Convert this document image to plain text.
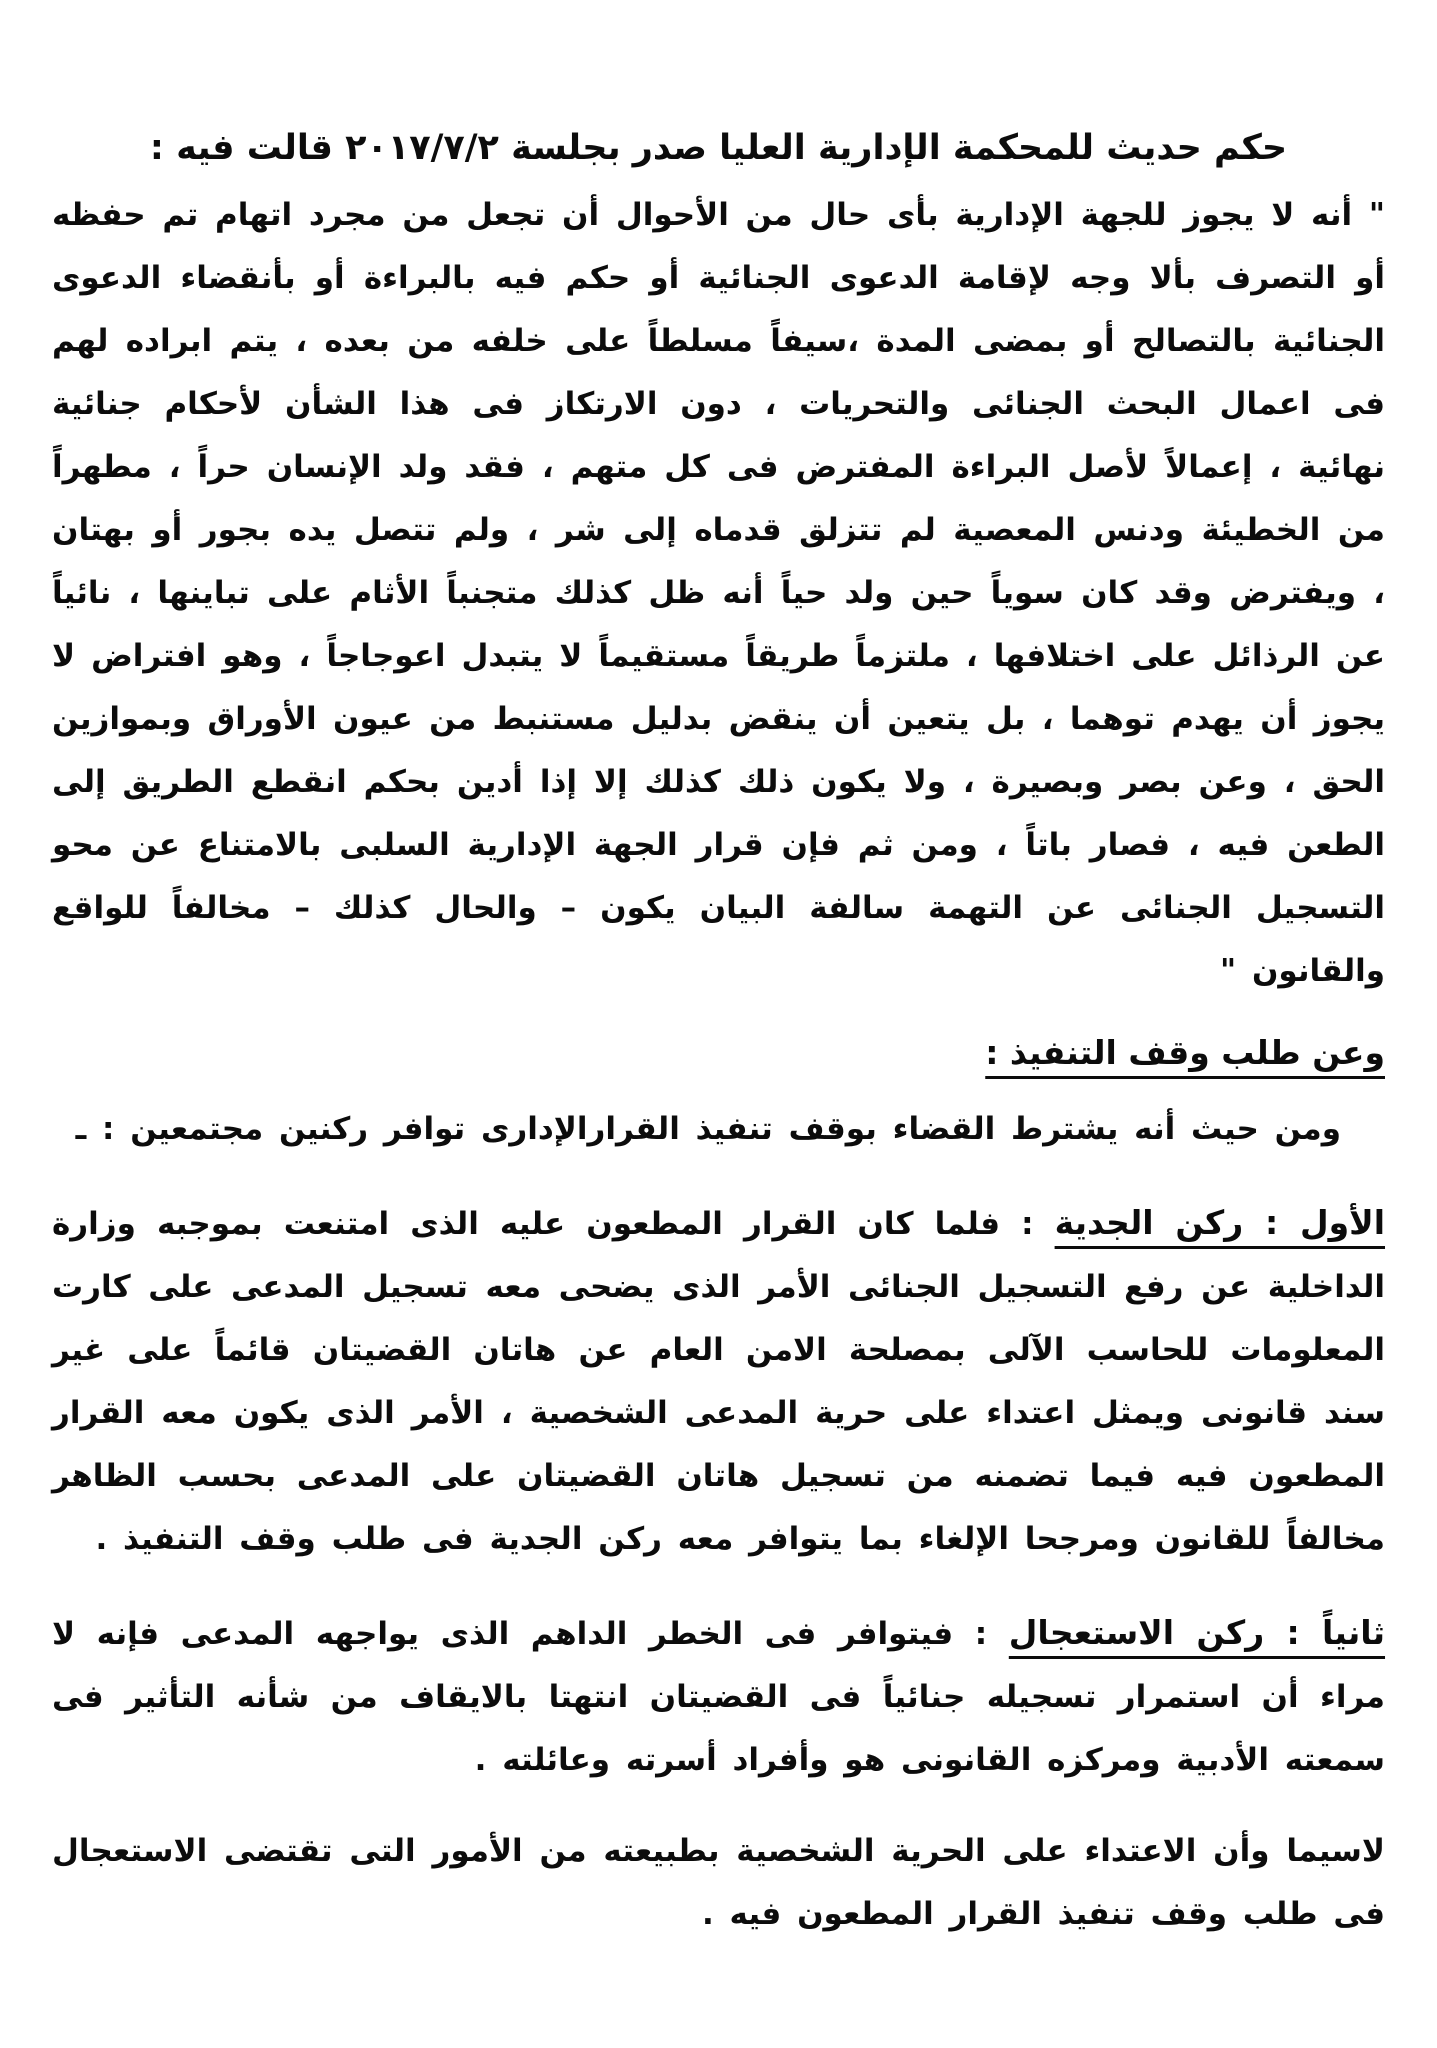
حكم حديث للمحكمة الإدارية العليا صدر بجلسة ٢٠١٧/٧/٢ قالت فيه :

" أنه لا يجوز للجهة الإدارية بأى حال من الأحوال أن تجعل من مجرد اتهام تم حفظه أو التصرف بألا وجه لإقامة الدعوى الجنائية أو حكم فيه بالبراءة أو بأنقضاء الدعوى الجنائية بالتصالح أو بمضى المدة ،سيفاً مسلطاً على خلفه من بعده ، يتم ابراده لهم فى اعمال البحث الجنائى والتحريات ، دون الارتكاز فى هذا الشأن لأحكام جنائية نهائية ، إعمالاً لأصل البراءة المفترض فى كل متهم ، فقد ولد الإنسان حراً ، مطهراً من الخطيئة ودنس المعصية لم تتزلق قدماه إلى شر ، ولم تتصل يده بجور أو بهتان ، ويفترض وقد كان سوياً حين ولد حياً أنه ظل كذلك متجنباً الأثام على تباينها ، نائياً عن الرذائل على اختلافها ، ملتزماً طريقاً مستقيماً لا يتبدل اعوجاجاً ، وهو افتراض لا يجوز أن يهدم توهما ، بل يتعين أن ينقض بدليل مستنبط من عيون الأوراق وبموازين الحق ، وعن بصر وبصيرة ، ولا يكون ذلك كذلك إلا إذا أدين بحكم انقطع الطريق إلى الطعن فيه ، فصار باتاً ، ومن ثم فإن قرار الجهة الإدارية السلبى بالامتناع عن محو التسجيل الجنائى عن التهمة سالفة البيان يكون – والحال كذلك – مخالفاً للواقع والقانون "

وعن طلب وقف التنفيذ :

ومن حيث أنه يشترط القضاء بوقف تنفيذ القرارالإدارى توافر ركنين مجتمعين : ـ

الأول : ركن الجدية : فلما كان القرار المطعون عليه الذى امتنعت بموجبه وزارة الداخلية عن رفع التسجيل الجنائى الأمر الذى يضحى معه تسجيل المدعى على كارت المعلومات للحاسب الآلى بمصلحة الامن العام عن هاتان القضيتان قائماً على غير سند قانونى ويمثل اعتداء على حرية المدعى الشخصية ، الأمر الذى يكون معه القرار المطعون فيه فيما تضمنه من تسجيل هاتان القضيتان على المدعى بحسب الظاهر مخالفاً للقانون ومرجحا الإلغاء بما يتوافر معه ركن الجدية فى طلب وقف التنفيذ .

ثانياً : ركن الاستعجال : فيتوافر فى الخطر الداهم الذى يواجهه المدعى فإنه لا مراء أن استمرار تسجيله جنائياً فى القضيتان انتهتا بالايقاف من شأنه التأثير فى سمعته الأدبية ومركزه القانونى هو وأفراد أسرته وعائلته .

لاسيما وأن الاعتداء على الحرية الشخصية بطبيعته من الأمور التى تقتضى الاستعجال فى طلب وقف تنفيذ القرار المطعون فيه .
